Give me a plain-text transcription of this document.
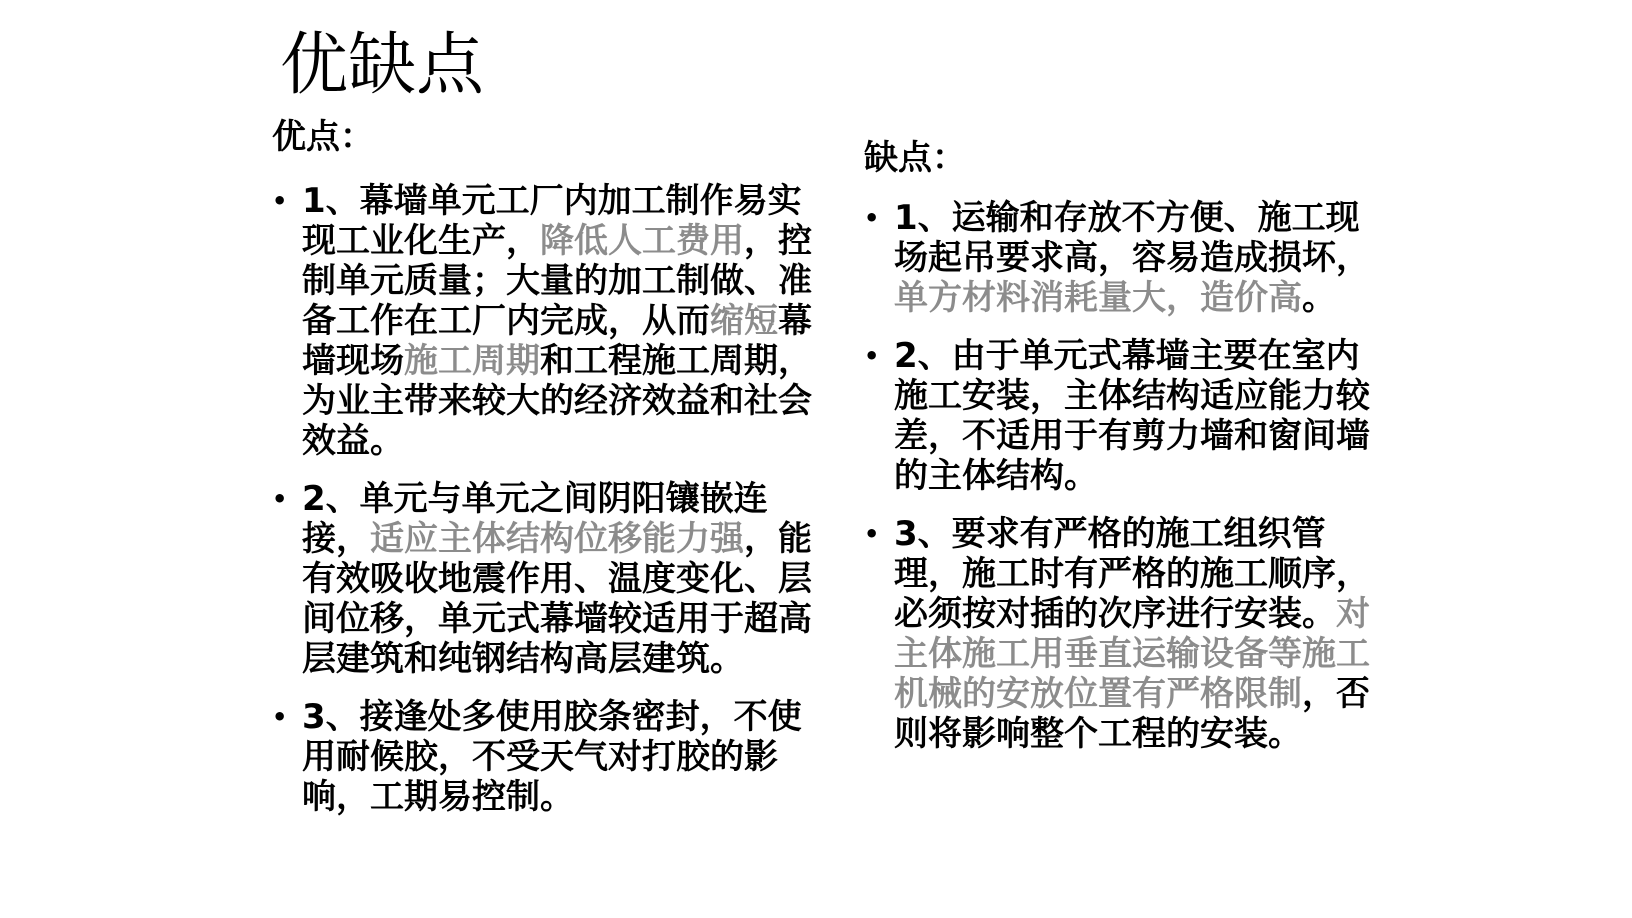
优缺点
优点：
• 1、幕墙单元工厂内加工制作易实现工业化生产，降低人工费用，控制单元质量；大量的加工制做、准备工作在工厂内完成，从而缩短幕墙现场施工周期和工程施工周期，为业主带来较大的经济效益和社会效益。
• 2、单元与单元之间阴阳镶嵌连接，适应主体结构位移能力强，能有效吸收地震作用、温度变化、层间位移，单元式幕墙较适用于超高层建筑和纯钢结构高层建筑。
• 3、接逢处多使用胶条密封，不使用耐候胶，不受天气对打胶的影响，工期易控制。
缺点：
• 1、运输和存放不方便、施工现场起吊要求高，容易造成损坏，单方材料消耗量大，造价高。
• 2、由于单元式幕墙主要在室内施工安装，主体结构适应能力较差，不适用于有剪力墙和窗间墙的主体结构。
• 3、要求有严格的施工组织管理，施工时有严格的施工顺序，必须按对插的次序进行安装。对主体施工用垂直运输设备等施工机械的安放位置有严格限制，否则将影响整个工程的安装。
